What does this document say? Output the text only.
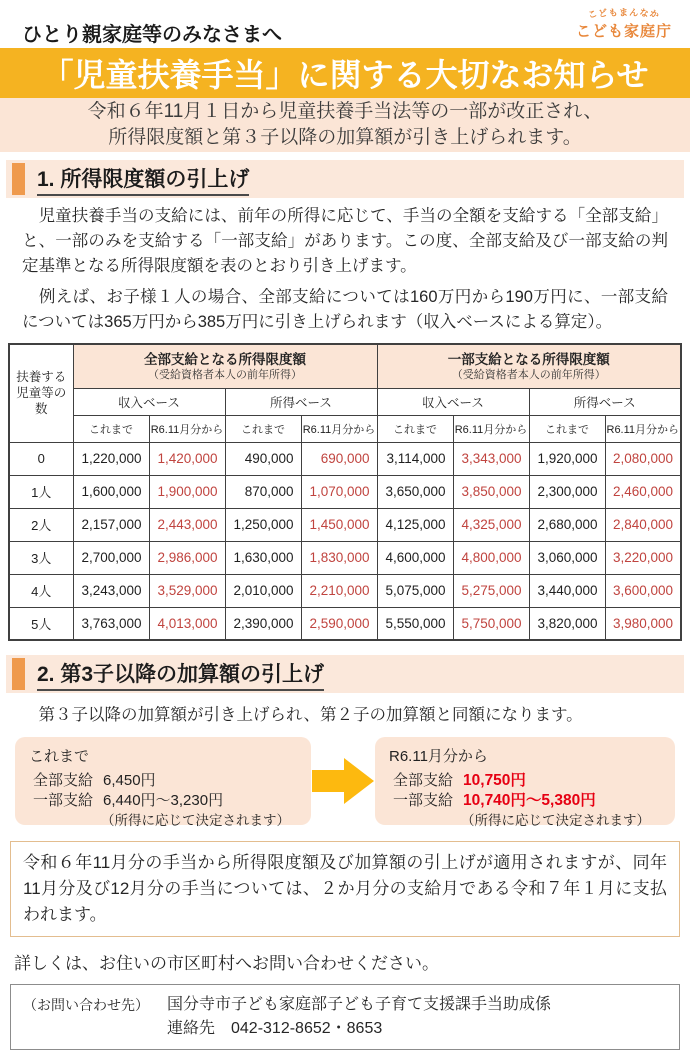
ひとり親家庭等のみなさまへ
こ
ど
も ま ん
な
か
こども家庭庁
「児童扶養手当」に関する大切なお知らせ
令和６年11月１日から児童扶養手当法等の一部が改正され、
所得限度額と第３子以降の加算額が引き上げられます。
1. 所得限度額の引上げ
　児童扶養手当の支給には、前年の所得に応じて、手当の全額を支給する「全部支給」と、一部のみを支給する「一部支給」があります。この度、全部支給及び一部支給の判定基準となる所得限度額を表のとおり引き上げます。
　例えば、お子様１人の場合、全部支給については160万円から190万円に、一部支給については365万円から385万円に引き上げられます（収入ベースによる算定）。
扶養する児童等の数	
全部支給となる所得限度額
（受給資格者本人の前年所得）

一部支給となる所得限度額
（受給資格者本人の前年所得）

	収入ベース		所得ベース		収入ベース		所得ベース	
	これまで	R6.11月分から	これまで	R6.11月分から	これまで	R6.11月分から	これまで	R6.11月分から
0	1,220,000	1,420,000	490,000	690,000	3,114,000	3,343,000	1,920,000	2,080,000
1人	1,600,000	1,900,000	870,000	1,070,000	3,650,000	3,850,000	2,300,000	2,460,000
2人	2,157,000	2,443,000	1,250,000	1,450,000	4,125,000	4,325,000	2,680,000	2,840,000
3人	2,700,000	2,986,000	1,630,000	1,830,000	4,600,000	4,800,000	3,060,000	3,220,000
4人	3,243,000	3,529,000	2,010,000	2,210,000	5,075,000	5,275,000	3,440,000	3,600,000
5人	3,763,000	4,013,000	2,390,000	2,590,000	5,550,000	5,750,000	3,820,000	3,980,000
2. 第3子以降の加算額の引上げ
　第３子以降の加算額が引き上げられ、第２子の加算額と同額になります。
これまで
全部支給 6,450円
一部支給 6,440円～3,230円
（所得に応じて決定されます）
R6.11月分から
全部支給 10,750円
一部支給 10,740円～5,380円
（所得に応じて決定されます）
令和６年11月分の手当から所得限度額及び加算額の引上げが適用されますが、同年11月分及び12月分の手当については、２か月分の支給月である令和７年１月に支払われます。
詳しくは、お住いの市区町村へお問い合わせください。
（お問い合わせ先） 国分寺市子ども家庭部子ども子育て支援課手当助成係
連絡先　042-312-8652・8653
